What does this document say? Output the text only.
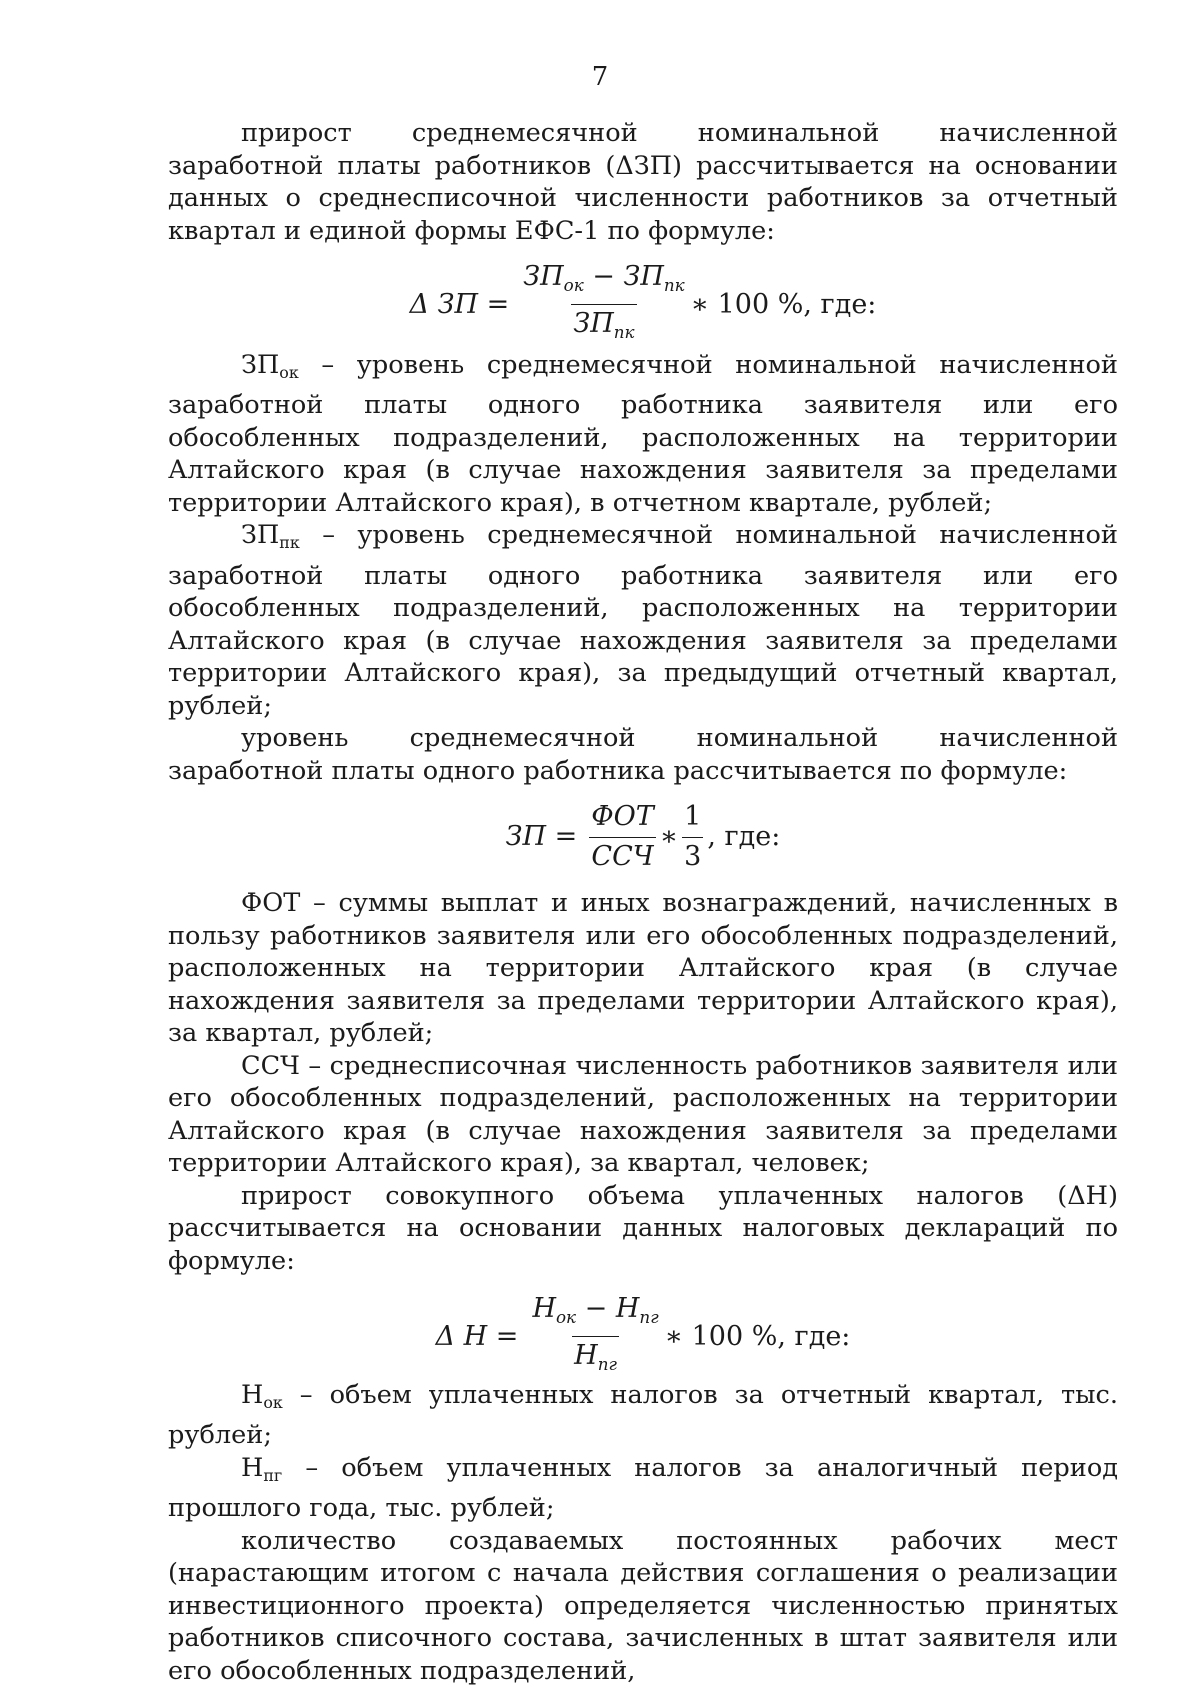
7

прирост среднемесячной номинальной начисленной заработной платы работников (ΔЗП) рассчитывается на основании данных о среднесписочной численности работников за отчетный квартал и единой формы ЕФС-1 по формуле:

Δ ЗП = $\frac{ЗП_{ок} - ЗП_{пк}}{ЗП_{пк}}$ ∗ 100 %, где:

ЗПок – уровень среднемесячной номинальной начисленной заработной платы одного работника заявителя или его обособленных подразделений, расположенных на территории Алтайского края (в случае нахождения заявителя за пределами территории Алтайского края), в отчетном квартале, рублей;

ЗПпк – уровень среднемесячной номинальной начисленной заработной платы одного работника заявителя или его обособленных подразделений, расположенных на территории Алтайского края (в случае нахождения заявителя за пределами территории Алтайского края), за предыдущий отчетный квартал, рублей;

уровень среднемесячной номинальной начисленной заработной платы одного работника рассчитывается по формуле:

ЗП = $\frac{\text{ФОТ}}{\text{ССЧ}}$ ∗ $\frac{1}{3}$ , где:

ФОТ – суммы выплат и иных вознаграждений, начисленных в пользу работников заявителя или его обособленных подразделений, расположенных на территории Алтайского края (в случае нахождения заявителя за пределами территории Алтайского края), за квартал, рублей;

ССЧ – среднесписочная численность работников заявителя или его обособленных подразделений, расположенных на территории Алтайского края (в случае нахождения заявителя за пределами территории Алтайского края), за квартал, человек;

прирост совокупного объема уплаченных налогов (ΔН) рассчитывается на основании данных налоговых деклараций по формуле:

Δ $Н = \frac{Н_{ок} - Н_{пг}}{Н_{пг}}$ ∗ 100 %, где:

Нок – объем уплаченных налогов за отчетный квартал, тыс. рублей;

Нпг – объем уплаченных налогов за аналогичный период прошлого года, тыс. рублей;

количество создаваемых постоянных рабочих мест (нарастающим итогом с начала действия соглашения о реализации инвестиционного проекта) определяется численностью принятых работников списочного состава, зачисленных в штат заявителя или его обособленных подразделений,
